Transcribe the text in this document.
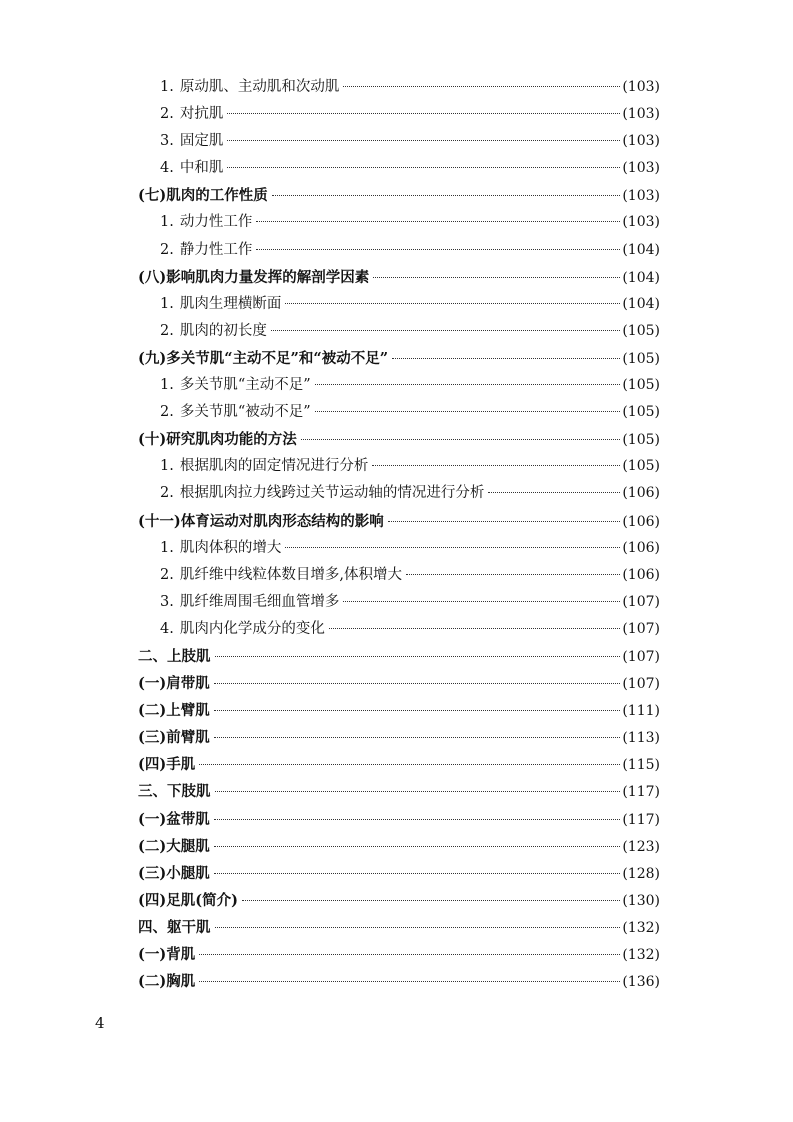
1. 原动肌、主动肌和次动肌	(103)
2. 对抗肌	(103)
3. 固定肌	(103)
4. 中和肌	(103)
(七)肌肉的工作性质	(103)
1. 动力性工作	(103)
2. 静力性工作	(104)
(八)影响肌肉力量发挥的解剖学因素	(104)
1. 肌肉生理横断面	(104)
2. 肌肉的初长度	(105)
(九)多关节肌“主动不足”和“被动不足”	(105)
1. 多关节肌“主动不足”	(105)
2. 多关节肌“被动不足”	(105)
(十)研究肌肉功能的方法	(105)
1. 根据肌肉的固定情况进行分析	(105)
2. 根据肌肉拉力线跨过关节运动轴的情况进行分析	(106)
(十一)体育运动对肌肉形态结构的影响	(106)
1. 肌肉体积的增大	(106)
2. 肌纤维中线粒体数目增多,体积增大	(106)
3. 肌纤维周围毛细血管增多	(107)
4. 肌肉内化学成分的变化	(107)
二、上肢肌	(107)
(一)肩带肌	(107)
(二)上臂肌	(111)
(三)前臂肌	(113)
(四)手肌	(115)
三、下肢肌	(117)
(一)盆带肌	(117)
(二)大腿肌	(123)
(三)小腿肌	(128)
(四)足肌(简介)	(130)
四、躯干肌	(132)
(一)背肌	(132)
(二)胸肌	(136)
4
